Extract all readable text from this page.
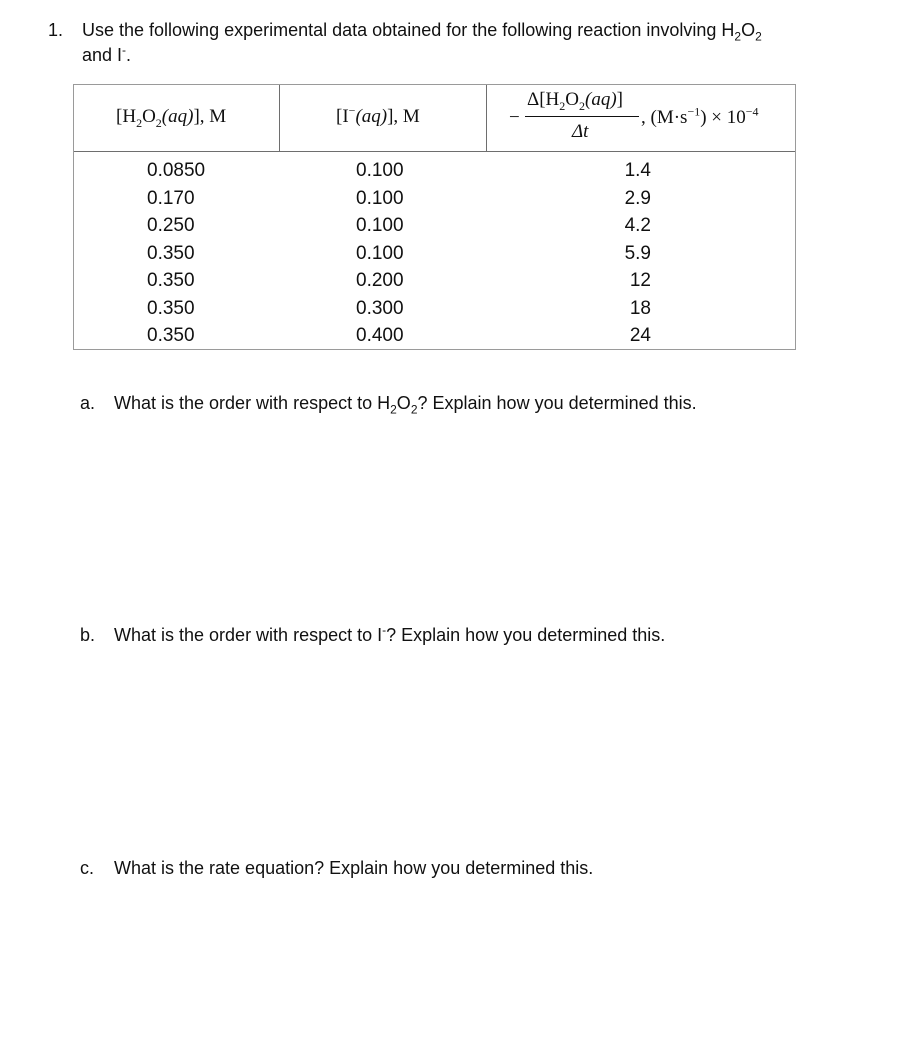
1. Use the following experimental data obtained for the following reaction involving $H_2O_2$
and I-.
$[H_2O_2(aq)]$, M	[I−(aq)], M	−
$\Delta[H_2O_2(aq)]$
Δt
, $(M\cdot s^{-1}) \times 10^{-4}$
0.0850
0.170
0.250
0.350
0.350
0.350
0.350
0.100
0.100
0.100
0.100
0.200
0.300
0.400
1.4
2.9
4.2
5.9
12
18
24
a. What is the order with respect to $H_2O_2$? Explain how you determined this.
b. What is the order with respect to I-? Explain how you determined this.
c. What is the rate equation? Explain how you determined this.
